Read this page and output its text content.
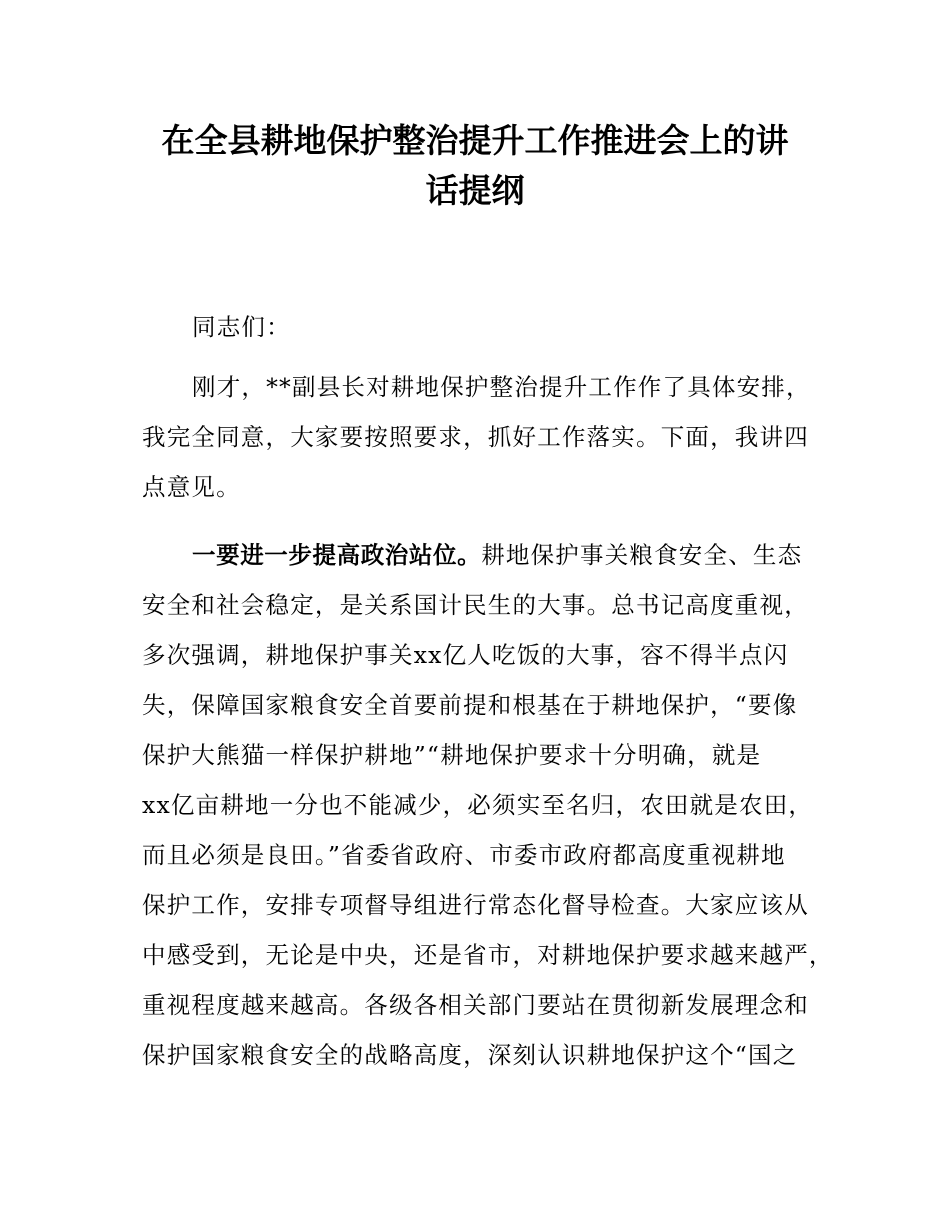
在全县耕地保护整治提升工作推进会上的讲
话提纲
同志们：
刚才，**副县长对耕地保护整治提升工作作了具体安排，
我完全同意，大家要按照要求，抓好工作落实。下面，我讲四
点意见。
一要进一步提高政治站位。耕地保护事关粮食安全、生态
安全和社会稳定，是关系国计民生的大事。总书记高度重视，
多次强调，耕地保护事关xx亿人吃饭的大事，容不得半点闪
失，保障国家粮食安全首要前提和根基在于耕地保护，“要像
保护大熊猫一样保护耕地”“耕地保护要求十分明确，就是
xx亿亩耕地一分也不能减少，必须实至名归，农田就是农田，
而且必须是良田。”省委省政府、市委市政府都高度重视耕地
保护工作，安排专项督导组进行常态化督导检查。大家应该从
中感受到，无论是中央，还是省市，对耕地保护要求越来越严，
重视程度越来越高。各级各相关部门要站在贯彻新发展理念和
保护国家粮食安全的战略高度，深刻认识耕地保护这个“国之
